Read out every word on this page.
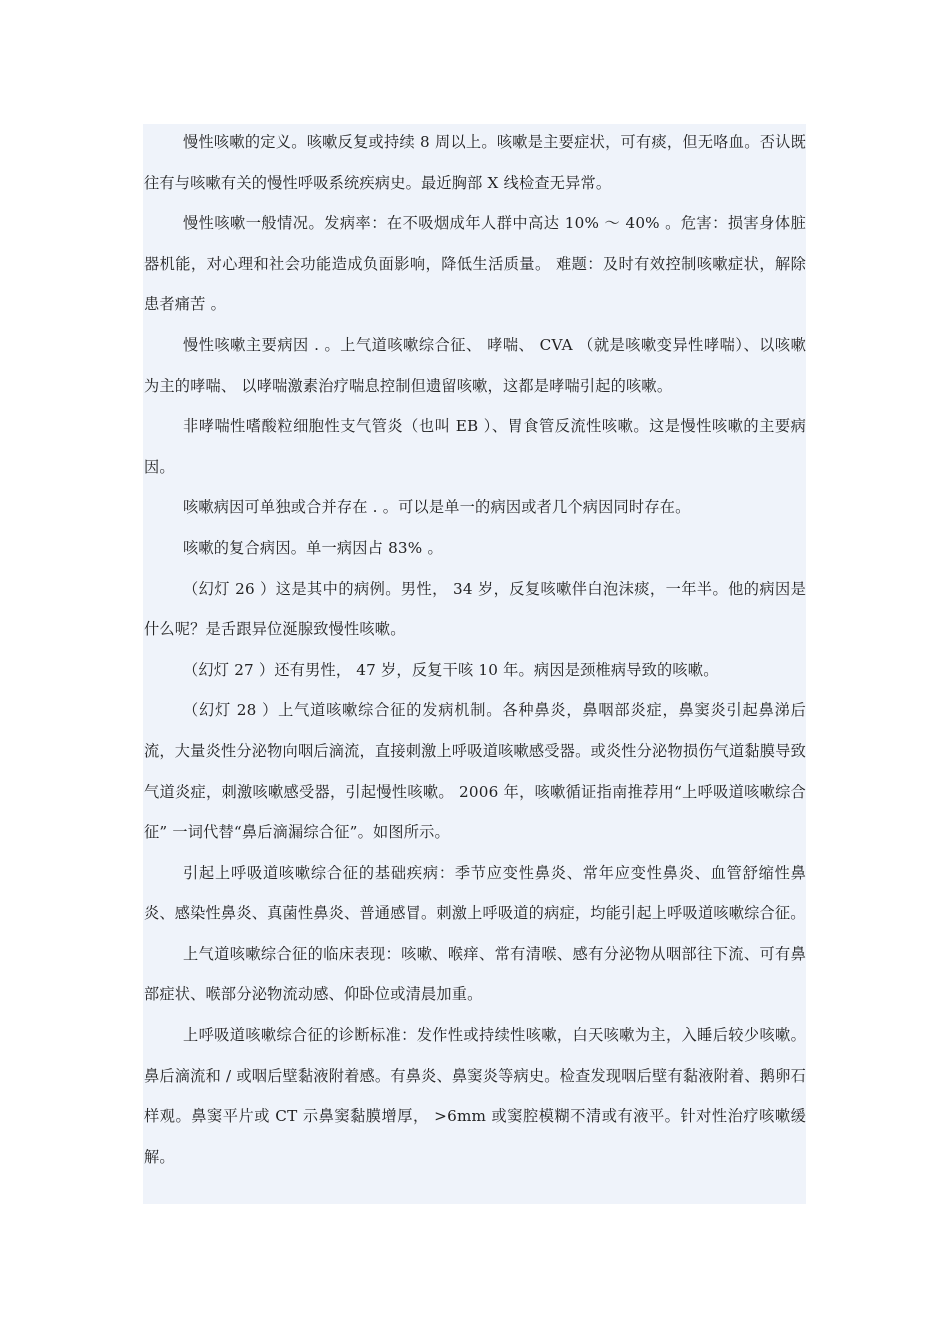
慢性咳嗽的定义。咳嗽反复或持续 8 周以上。咳嗽是主要症状，可有痰，但无咯血。否认既往有与咳嗽有关的慢性呼吸系统疾病史。最近胸部 X 线检查无异常。

慢性咳嗽一般情况。发病率：在不吸烟成年人群中高达 10% ～ 40% 。危害：损害身体脏器机能，对心理和社会功能造成负面影响，降低生活质量。 难题：及时有效控制咳嗽症状，解除患者痛苦 。

慢性咳嗽主要病因 . 。上气道咳嗽综合征、 哮喘、 CVA （就是咳嗽变异性哮喘）、以咳嗽为主的哮喘、 以哮喘激素治疗喘息控制但遗留咳嗽，这都是哮喘引起的咳嗽。

非哮喘性嗜酸粒细胞性支气管炎（也叫 EB ）、胃食管反流性咳嗽。这是慢性咳嗽的主要病因。

咳嗽病因可单独或合并存在 . 。可以是单一的病因或者几个病因同时存在。

咳嗽的复合病因。单一病因占 83% 。

（幻灯 26 ）这是其中的病例。男性， 34 岁，反复咳嗽伴白泡沫痰，一年半。他的病因是什么呢？是舌跟异位涎腺致慢性咳嗽。

（幻灯 27 ）还有男性， 47 岁，反复干咳 10 年。病因是颈椎病导致的咳嗽。

（幻灯 28 ）上气道咳嗽综合征的发病机制。各种鼻炎，鼻咽部炎症，鼻窦炎引起鼻涕后流，大量炎性分泌物向咽后滴流，直接刺激上呼吸道咳嗽感受器。或炎性分泌物损伤气道黏膜导致气道炎症，刺激咳嗽感受器，引起慢性咳嗽。 2006 年，咳嗽循证指南推荐用“上呼吸道咳嗽综合征” 一词代替“鼻后滴漏综合征”。如图所示。

引起上呼吸道咳嗽综合征的基础疾病：季节应变性鼻炎、常年应变性鼻炎、血管舒缩性鼻炎、感染性鼻炎、真菌性鼻炎、普通感冒。刺激上呼吸道的病症，均能引起上呼吸道咳嗽综合征。

上气道咳嗽综合征的临床表现：咳嗽、喉痒、常有清喉、感有分泌物从咽部往下流、可有鼻部症状、喉部分泌物流动感、仰卧位或清晨加重。

上呼吸道咳嗽综合征的诊断标准：发作性或持续性咳嗽，白天咳嗽为主，入睡后较少咳嗽。鼻后滴流和 / 或咽后壁黏液附着感。有鼻炎、鼻窦炎等病史。检查发现咽后壁有黏液附着、鹅卵石样观。鼻窦平片或 CT 示鼻窦黏膜增厚， >6mm 或窦腔模糊不清或有液平。针对性治疗咳嗽缓解。
